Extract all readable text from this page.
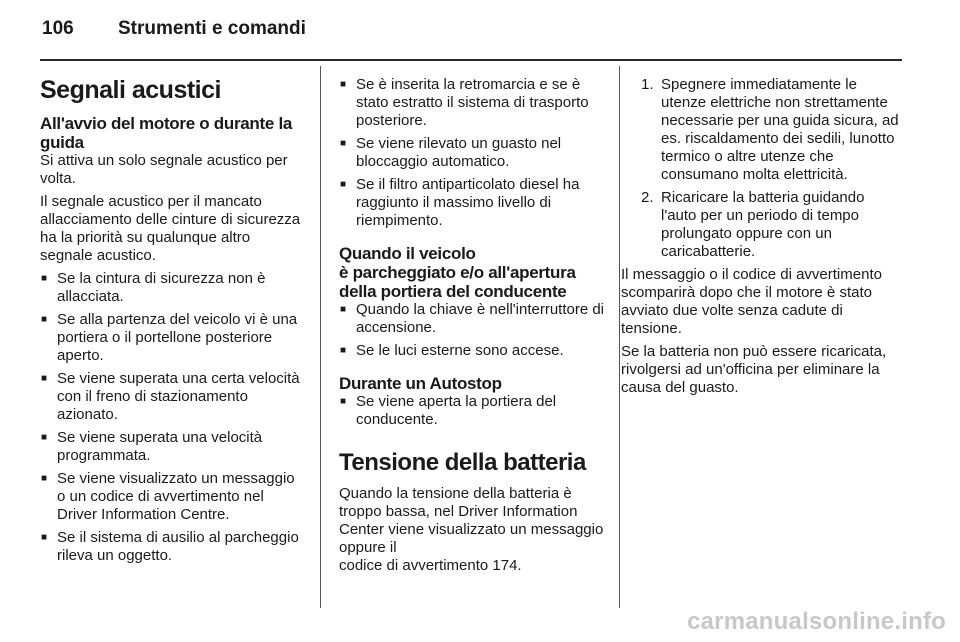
106 Strumenti e comandi
Segnali acustici
All'avvio del motore o durante la guida

Si attiva un solo segnale acustico per volta.

Il segnale acustico per il mancato allacciamento delle cinture di sicurezza ha la priorità su qualunque altro segnale acustico.

■ Se la cintura di sicurezza non è allacciata.
■ Se alla partenza del veicolo vi è una portiera o il portellone posteriore aperto.
■ Se viene superata una certa velocità con il freno di stazionamento azionato.
■ Se viene superata una velocità programmata.
■ Se viene visualizzato un messaggio o un codice di avvertimento nel Driver Information Centre.
■ Se il sistema di ausilio al parcheggio rileva un oggetto.
■ Se è inserita la retromarcia e se è stato estratto il sistema di trasporto posteriore.
■ Se viene rilevato un guasto nel bloccaggio automatico.
■ Se il filtro antiparticolato diesel ha raggiunto il massimo livello di riempimento.
Quando il veicolo
è parcheggiato e/o all'apertura della portiera del conducente
■ Quando la chiave è nell'interruttore di accensione.
■ Se le luci esterne sono accese.
Durante un Autostop
■ Se viene aperta la portiera del conducente.
Tensione della batteria

Quando la tensione della batteria è troppo bassa, nel Driver Information Center viene visualizzato un messaggio oppure il
codice di avvertimento 174.

1. Spegnere immediatamente le utenze elettriche non strettamente necessarie per una guida sicura, ad es. riscaldamento dei sedili, lunotto termico o altre utenze che consumano molta elettricità.
2. Ricaricare la batteria guidando l'auto per un periodo di tempo prolungato oppure con un caricabatterie.

Il messaggio o il codice di avvertimento scomparirà dopo che il motore è stato avviato due volte senza cadute di tensione.

Se la batteria non può essere ricaricata, rivolgersi ad un'officina per eliminare la causa del guasto.

carmanualsonline.info
